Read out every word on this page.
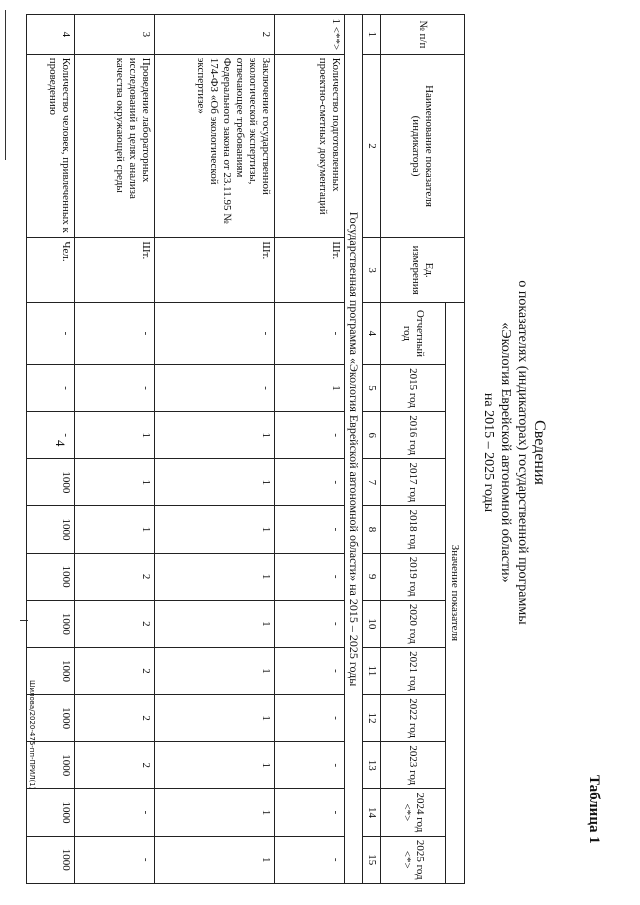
4
Таблица 1
Сведения
о показателях (индикаторах) государственной программы
«Экология Еврейской автономной области»
на 2015 – 2025 годы
№ п/п	Наименование показателя (индикатора)	Ед. измерения	Значение показателя											
			Отчетный год	2015 год	2016 год	2017 год	2018 год	2019 год	2020 год	2021 год	2022 год	2023 год	2024 год <*>	2025 год <*>
1	2	3	4	5	6	7	8	9	10	11	12	13	14	15
Государственная программа «Экология Еврейской автономной области» на 2015 – 2025 годы														
1 <**>	Количество подготовленных проектно-сметных документаций	Шт.	-	1	-	-	-	-	-	-	-	-	-	-
2	Заключение государственной экологической экспертизы, отвечающее требованиям Федерального закона от 23.11.95 № 174-ФЗ «Об экологической экспертизе»	Шт.	-	-	1	1	1	1	1	1	1	1	1	1
3	Проведение лабораторных исследований в целях анализа качества окружающей среды	Шт.	-	-	1	1	1	2	2	2	2	2	-	-
4	Количество человек, привлеченных к проведению	Чел.	-	-	-	1000	1000	1000	1000	1000	1000	1000	1000	1000
Шилова/2020-475-пп-ПРИЛ(1)
